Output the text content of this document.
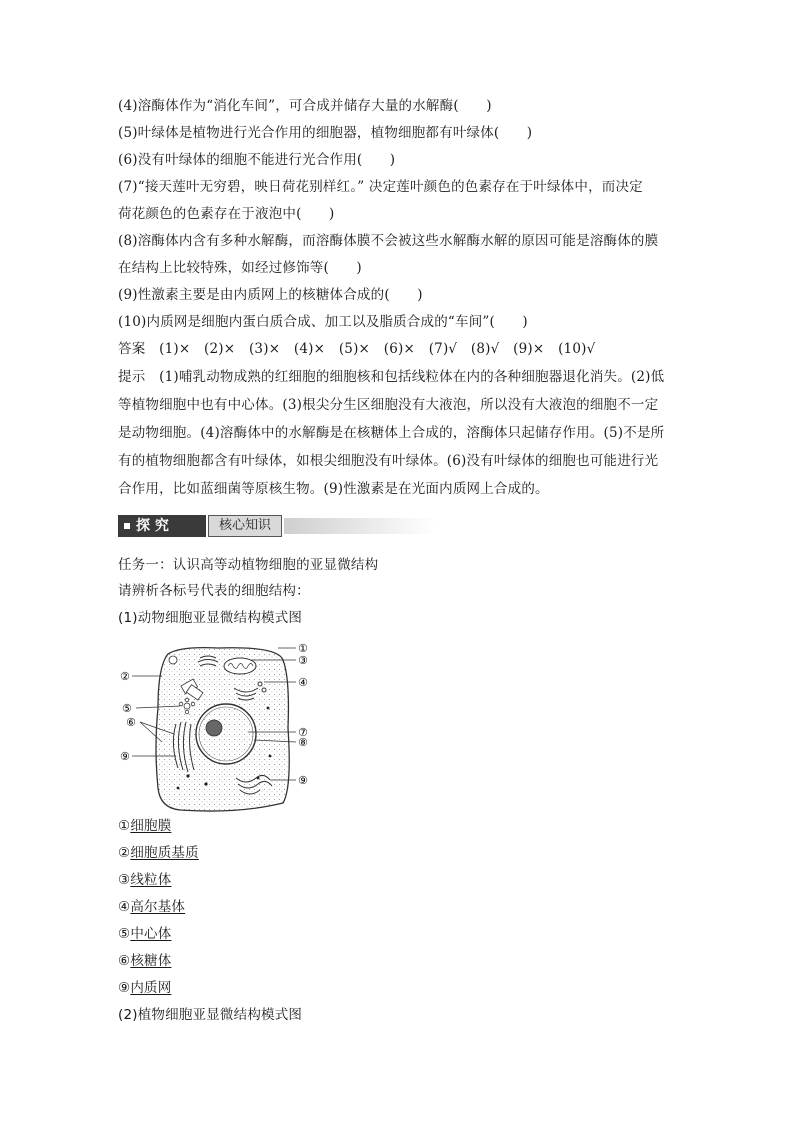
(4)溶酶体作为“消化车间”，可合成并储存大量的水解酶(　　)
(5)叶绿体是植物进行光合作用的细胞器，植物细胞都有叶绿体(　　)
(6)没有叶绿体的细胞不能进行光合作用(　　)
(7)“接天莲叶无穷碧，映日荷花别样红。” 决定莲叶颜色的色素存在于叶绿体中，而决定
荷花颜色的色素存在于液泡中(　　)
(8)溶酶体内含有多种水解酶，而溶酶体膜不会被这些水解酶水解的原因可能是溶酶体的膜
在结构上比较特殊，如经过修饰等(　　)
(9)性激素主要是由内质网上的核糖体合成的(　　)
(10)内质网是细胞内蛋白质合成、加工以及脂质合成的“车间”(　　)
答案　(1)×　(2)×　(3)×　(4)×　(5)×　(6)×　(7)√　(8)√　(9)×　(10)√
提示　(1)哺乳动物成熟的红细胞的细胞核和包括线粒体在内的各种细胞器退化消失。(2)低
等植物细胞中也有中心体。(3)根尖分生区细胞没有大液泡，所以没有大液泡的细胞不一定
是动物细胞。(4)溶酶体中的水解酶是在核糖体上合成的，溶酶体只起储存作用。(5)不是所
有的植物细胞都含有叶绿体，如根尖细胞没有叶绿体。(6)没有叶绿体的细胞也可能进行光
合作用，比如蓝细菌等原核生物。(9)性激素是在光面内质网上合成的。
探 究	核心知识
任务一：认识高等动植物细胞的亚显微结构
请辨析各标号代表的细胞结构：
(1)动物细胞亚显微结构模式图
①
③
④
②
⑤
⑥
⑦
⑧
⑨
⑨
①细胞膜
②细胞质基质
③线粒体
④高尔基体
⑤中心体
⑥核糖体
⑨内质网
(2)植物细胞亚显微结构模式图
